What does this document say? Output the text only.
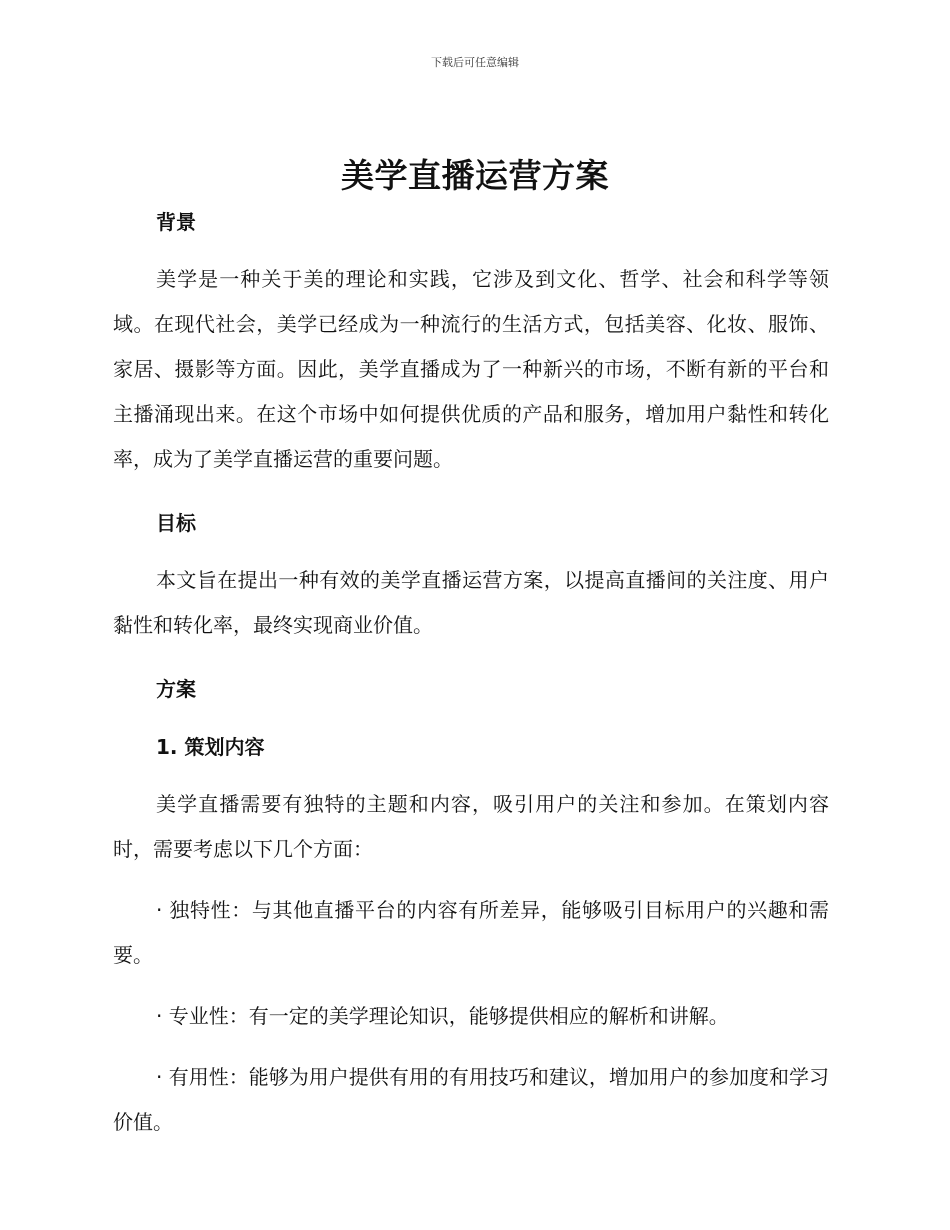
下载后可任意编辑
美学直播运营方案
背景

美学是一种关于美的理论和实践，它涉及到文化、哲学、社会和科学等领域。在现代社会，美学已经成为一种流行的生活方式，包括美容、化妆、服饰、家居、摄影等方面。因此，美学直播成为了一种新兴的市场，不断有新的平台和主播涌现出来。在这个市场中如何提供优质的产品和服务，增加用户黏性和转化率，成为了美学直播运营的重要问题。

目标

本文旨在提出一种有效的美学直播运营方案，以提高直播间的关注度、用户黏性和转化率，最终实现商业价值。

方案
1. 策划内容

美学直播需要有独特的主题和内容，吸引用户的关注和参加。在策划内容时，需要考虑以下几个方面：

· 独特性：与其他直播平台的内容有所差异，能够吸引目标用户的兴趣和需要。

· 专业性：有一定的美学理论知识，能够提供相应的解析和讲解。

· 有用性：能够为用户提供有用的有用技巧和建议，增加用户的参加度和学习价值。
